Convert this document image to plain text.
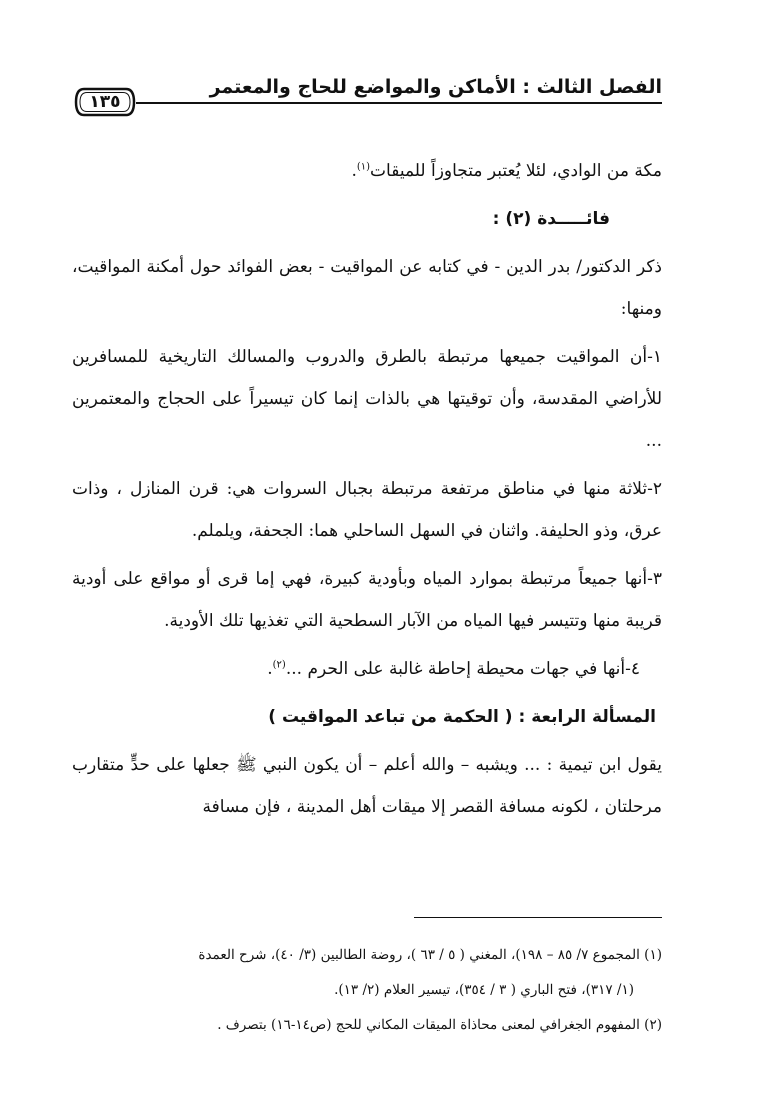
الفصل الثالث : الأماكن والمواضع للحاج والمعتمر
١٣٥

مكة من الوادي، لئلا يُعتبر متجاوزاً للميقات$^{(١)}$.

فائـــــدة (٢) :

ذكر الدكتور/ بدر الدين - في كتابه عن المواقيت - بعض الفوائد حول أمكنة المواقيت، ومنها:

١-أن المواقيت جميعها مرتبطة بالطرق والدروب والمسالك التاريخية للمسافرين للأراضي المقدسة، وأن توقيتها هي بالذات إنما كان تيسيراً على الحجاج والمعتمرين ...

٢-ثلاثة منها في مناطق مرتفعة مرتبطة بجبال السروات هي: قرن المنازل ، وذات عرق، وذو الحليفة. واثنان في السهل الساحلي هما: الجحفة، ويلملم.

٣-أنها جميعاً مرتبطة بموارد المياه وبأودية كبيرة، فهي إما قرى أو مواقع على أودية قريبة منها وتتيسر فيها المياه من الآبار السطحية التي تغذيها تلك الأودية.

٤-أنها في جهات محيطة إحاطة غالبة على الحرم ...$^{(٢)}$.

المسألة الرابعة : ( الحكمة من تباعد المواقيت )

يقول ابن تيمية : ... ويشبه – والله أعلم – أن يكون النبي ﷺ جعلها على حدٍّ متقارب مرحلتان ، لكونه مسافة القصر إلا ميقات أهل المدينة ، فإن مسافة

(١) المجموع ٧/ ٨٥ – ١٩٨)، المغني ( ٥ / ٦٣ )، روضة الطالبين (٣/ ٤٠)، شرح العمدة

(١/ ٣١٧)، فتح الباري ( ٣ / ٣٥٤)، تيسير العلام (٢/ ١٣).

(٢) المفهوم الجغرافي لمعنى محاذاة الميقات المكاني للحج (ص١٤-١٦) بتصرف .
